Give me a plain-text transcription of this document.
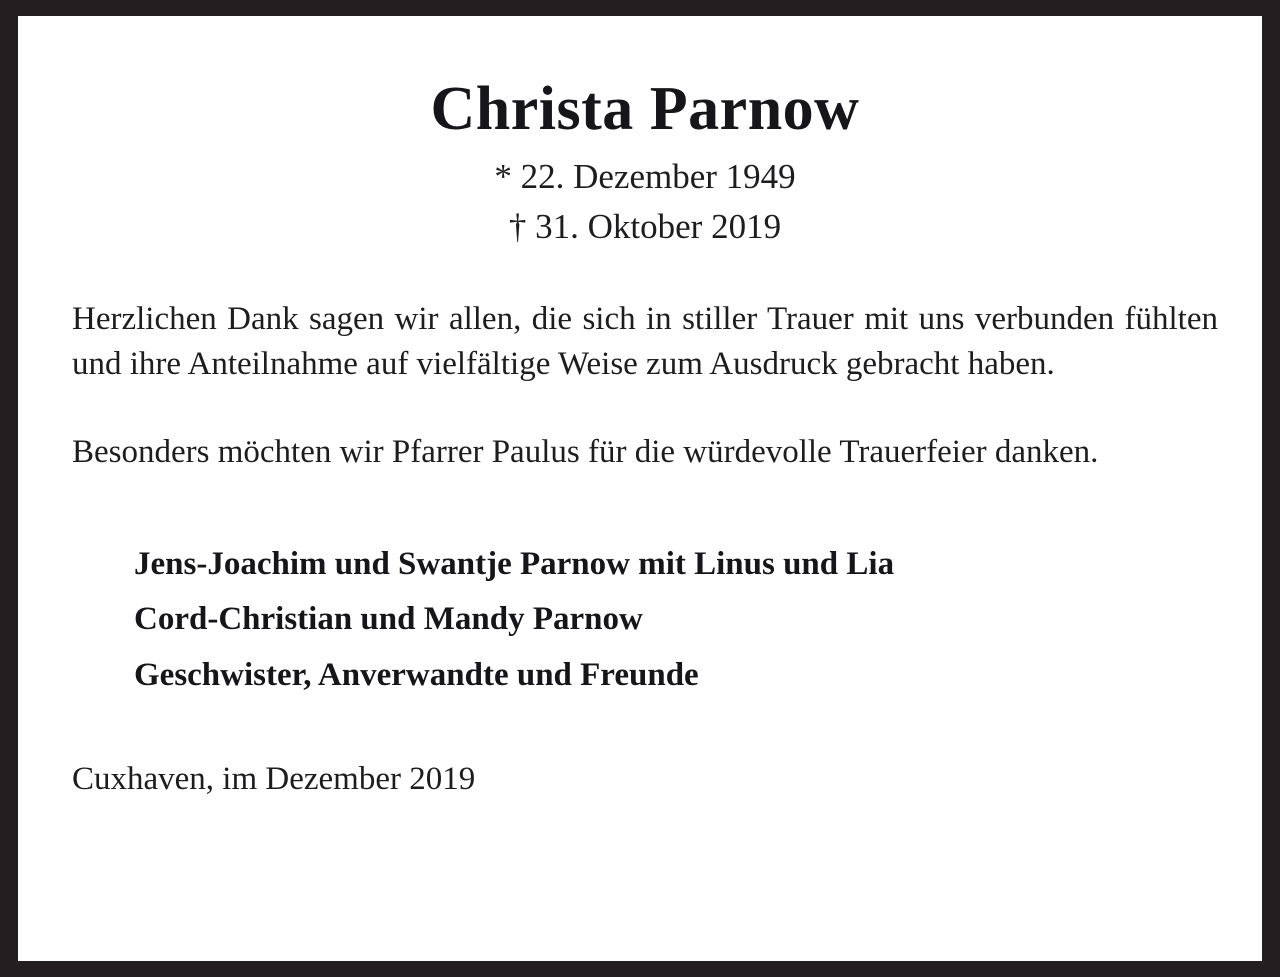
Christa Parnow
* 22. Dezember 1949
† 31. Oktober 2019

Herzlichen Dank sagen wir allen, die sich in stiller Trauer mit uns verbunden fühlten und ihre Anteilnahme auf vielfältige Weise zum Ausdruck gebracht haben.

Besonders möchten wir Pfarrer Paulus für die würdevolle Trauerfeier danken.

Jens-Joachim und Swantje Parnow mit Linus und Lia
Cord-Christian und Mandy Parnow
Geschwister, Anverwandte und Freunde
Cuxhaven, im Dezember 2019
